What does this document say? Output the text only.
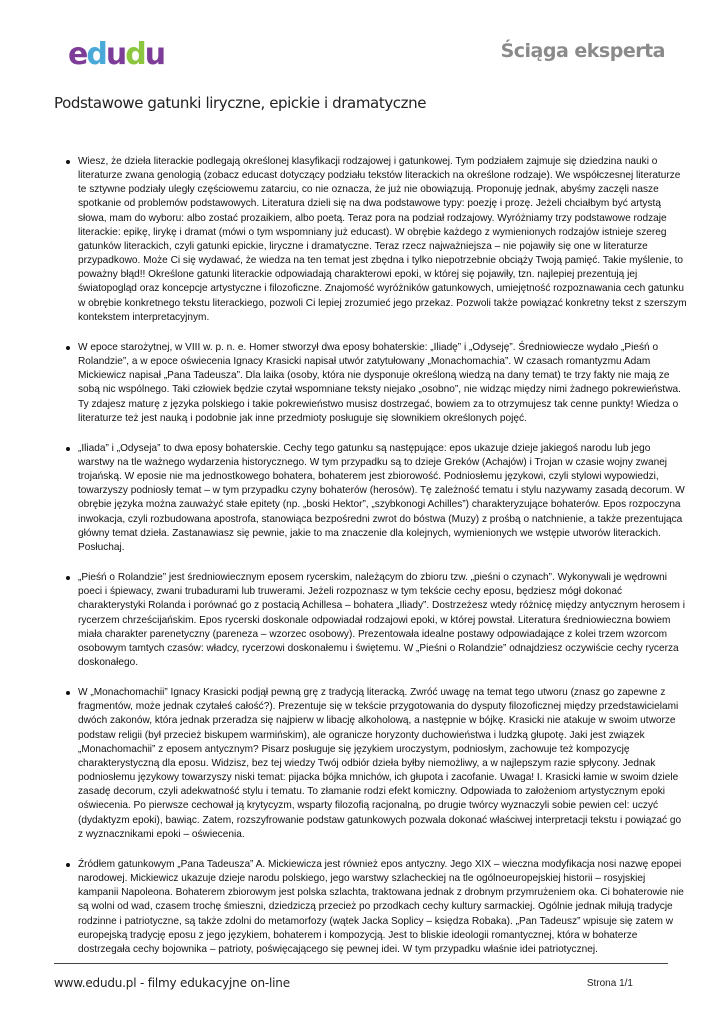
edudu	Ściąga eksperta
Podstawowe gatunki liryczne, epickie i dramatyczne

Wiesz, że dzieła literackie podlegają określonej klasyfikacji rodzajowej i gatunkowej. Tym podziałem zajmuje się dziedzina nauki o literaturze zwana genologią (zobacz educast dotyczący podziału tekstów literackich na określone rodzaje). We współczesnej literaturze te sztywne podziały uległy częściowemu zatarciu, co nie oznacza, że już nie obowiązują. Proponuję jednak, abyśmy zaczęli nasze spotkanie od problemów podstawowych. Literatura dzieli się na dwa podstawowe typy: poezję i prozę. Jeżeli chciałbym być artystą słowa, mam do wyboru: albo zostać prozaikiem, albo poetą. Teraz pora na podział rodzajowy. Wyróżniamy trzy podstawowe rodzaje literackie: epikę, lirykę i dramat (mówi o tym wspomniany już educast). W obrębie każdego z wymienionych rodzajów istnieje szereg gatunków literackich, czyli gatunki epickie, liryczne i dramatyczne. Teraz rzecz najważniejsza – nie pojawiły się one w literaturze przypadkowo. Może Ci się wydawać, że wiedza na ten temat jest zbędna i tylko niepotrzebnie obciąży Twoją pamięć. Takie myślenie, to poważny błąd!! Określone gatunki literackie odpowiadają charakterowi epoki, w której się pojawiły, tzn. najlepiej prezentują jej światopogląd oraz koncepcje artystyczne i filozoficzne. Znajomość wyróżników gatunkowych, umiejętność rozpoznawania cech gatunku w obrębie konkretnego tekstu literackiego, pozwoli Ci lepiej zrozumieć jego przekaz. Pozwoli także powiązać konkretny tekst z szerszym kontekstem interpretacyjnym.

W epoce starożytnej, w VIII w. p. n. e. Homer stworzył dwa eposy bohaterskie: „Iliadę” i „Odyseję”. Średniowiecze wydało „Pieśń o Rolandzie”, a w epoce oświecenia Ignacy Krasicki napisał utwór zatytułowany „Monachomachia”. W czasach romantyzmu Adam Mickiewicz napisał „Pana Tadeusza”. Dla laika (osoby, która nie dysponuje określoną wiedzą na dany temat) te trzy fakty nie mają ze sobą nic wspólnego. Taki człowiek będzie czytał wspomniane teksty niejako „osobno”, nie widząc między nimi żadnego pokrewieństwa. Ty zdajesz maturę z języka polskiego i takie pokrewieństwo musisz dostrzegać, bowiem za to otrzymujesz tak cenne punkty! Wiedza o literaturze też jest nauką i podobnie jak inne przedmioty posługuje się słownikiem określonych pojęć.

„Iliada” i „Odyseja” to dwa eposy bohaterskie. Cechy tego gatunku są następujące: epos ukazuje dzieje jakiegoś narodu lub jego warstwy na tle ważnego wydarzenia historycznego. W tym przypadku są to dzieje Greków (Achajów) i Trojan w czasie wojny zwanej trojańską. W eposie nie ma jednostkowego bohatera, bohaterem jest zbiorowość. Podniosłemu językowi, czyli stylowi wypowiedzi, towarzyszy podniosły temat – w tym przypadku czyny bohaterów (herosów). Tę zależność tematu i stylu nazywamy zasadą decorum. W obrębie języka można zauważyć stałe epitety (np. „boski Hektor”, „szybkonogi Achilles”) charakteryzujące bohaterów. Epos rozpoczyna inwokacja, czyli rozbudowana apostrofa, stanowiąca bezpośredni zwrot do bóstwa (Muzy) z prośbą o natchnienie, a także prezentująca główny temat dzieła. Zastanawiasz się pewnie, jakie to ma znaczenie dla kolejnych, wymienionych we wstępie utworów literackich. Posłuchaj.

„Pieśń o Rolandzie” jest średniowiecznym eposem rycerskim, należącym do zbioru tzw. „pieśni o czynach”. Wykonywali je wędrowni poeci i śpiewacy, zwani trubadurami lub truwerami. Jeżeli rozpoznasz w tym tekście cechy eposu, będziesz mógł dokonać charakterystyki Rolanda i porównać go z postacią Achillesa – bohatera „Iliady”. Dostrzeżesz wtedy różnicę między antycznym herosem i rycerzem chrześcijańskim. Epos rycerski doskonale odpowiadał rodzajowi epoki, w której powstał. Literatura średniowieczna bowiem miała charakter parenetyczny (pareneza – wzorzec osobowy). Prezentowała idealne postawy odpowiadające z kolei trzem wzorcom osobowym tamtych czasów: władcy, rycerzowi doskonałemu i świętemu. W „Pieśni o Rolandzie” odnajdziesz oczywiście cechy rycerza doskonałego.

W „Monachomachii” Ignacy Krasicki podjął pewną grę z tradycją literacką. Zwróć uwagę na temat tego utworu (znasz go zapewne z fragmentów, może jednak czytałeś całość?). Prezentuje się w tekście przygotowania do dysputy filozoficznej między przedstawicielami dwóch zakonów, która jednak przeradza się najpierw w libację alkoholową, a następnie w bójkę. Krasicki nie atakuje w swoim utworze podstaw religii (był przecież biskupem warmińskim), ale ogranicze horyzonty duchowieństwa i ludzką głupotę. Jaki jest związek „Monachomachii” z eposem antycznym? Pisarz posługuje się językiem uroczystym, podniosłym, zachowuje też kompozycję charakterystyczną dla eposu. Widzisz, bez tej wiedzy Twój odbiór dzieła byłby niemożliwy, a w najlepszym razie spłycony. Jednak podniosłemu językowy towarzyszy niski temat: pijacka bójka mnichów, ich głupota i zacofanie. Uwaga! I. Krasicki łamie w swoim dziele zasadę decorum, czyli adekwatność stylu i tematu. To złamanie rodzi efekt komiczny. Odpowiada to założeniom artystycznym epoki oświecenia. Po pierwsze cechował ją krytycyzm, wsparty filozofią racjonalną, po drugie twórcy wyznaczyli sobie pewien cel: uczyć (dydaktyzm epoki), bawiąc. Zatem, rozszyfrowanie podstaw gatunkowych pozwala dokonać właściwej interpretacji tekstu i powiązać go z wyznacznikami epoki – oświecenia.

Źródłem gatunkowym „Pana Tadeusza” A. Mickiewicza jest również epos antyczny. Jego XIX – wieczna modyfikacja nosi nazwę epopei narodowej. Mickiewicz ukazuje dzieje narodu polskiego, jego warstwy szlacheckiej na tle ogólnoeuropejskiej historii – rosyjskiej kampanii Napoleona. Bohaterem zbiorowym jest polska szlachta, traktowana jednak z drobnym przymrużeniem oka. Ci bohaterowie nie są wolni od wad, czasem trochę śmieszni, dziedziczą przecież po przodkach cechy kultury sarmackiej. Ogólnie jednak miłują tradycje rodzinne i patriotyczne, są także zdolni do metamorfozy (wątek Jacka Soplicy – księdza Robaka). „Pan Tadeusz” wpisuje się zatem w europejską tradycję eposu z jego językiem, bohaterem i kompozycją. Jest to bliskie ideologii romantycznej, która w bohaterze dostrzegała cechy bojownika – patrioty, poświęcającego się pewnej idei. W tym przypadku właśnie idei patriotycznej.

www.edudu.pl - filmy edukacyjne on-line	Strona 1/1
